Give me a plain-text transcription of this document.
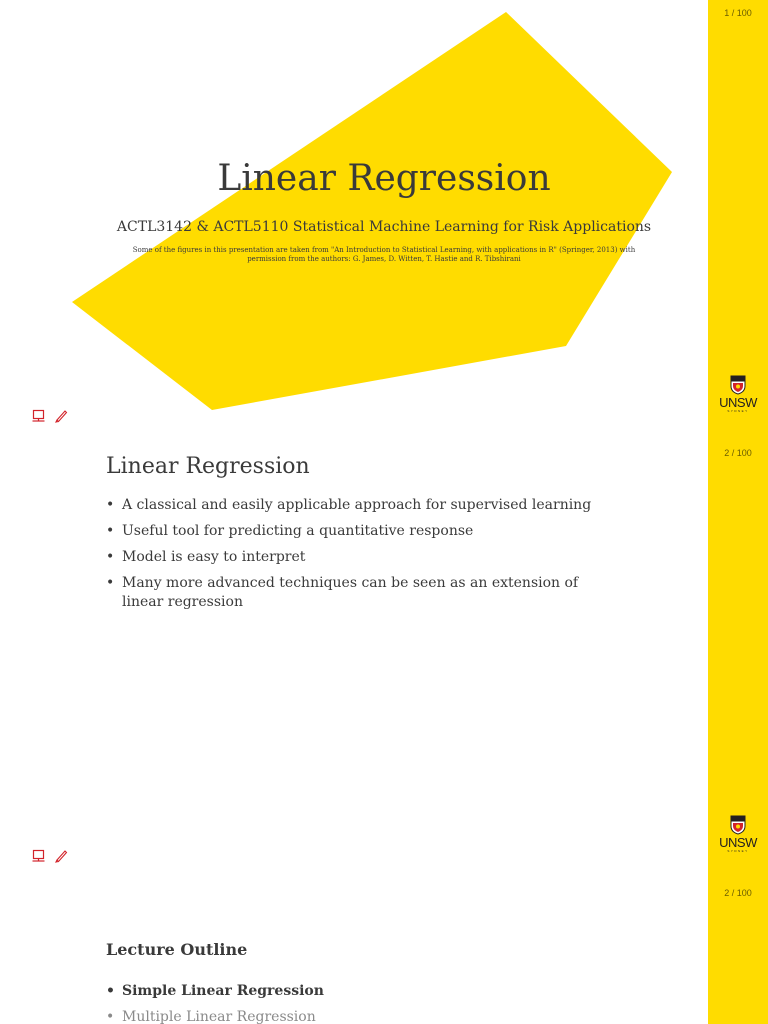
Linear Regression
ACTL3142 & ACTL5110 Statistical Machine Learning for Risk Applications
Some of the figures in this presentation are taken from "An Introduction to Statistical Learning, with applications in R" (Springer, 2013) with permission from the authors: G. James, D. Witten, T. Hastie and R. Tibshirani
1 / 100
UNSW
SYDNEY
Linear Regression
• A classical and easily applicable approach for supervised learning
• Useful tool for predicting a quantitative response
• Model is easy to interpret
• Many more advanced techniques can be seen as an extension of linear regression
2 / 100
UNSW
SYDNEY
Lecture Outline
• Simple Linear Regression
• Multiple Linear Regression
2 / 100
